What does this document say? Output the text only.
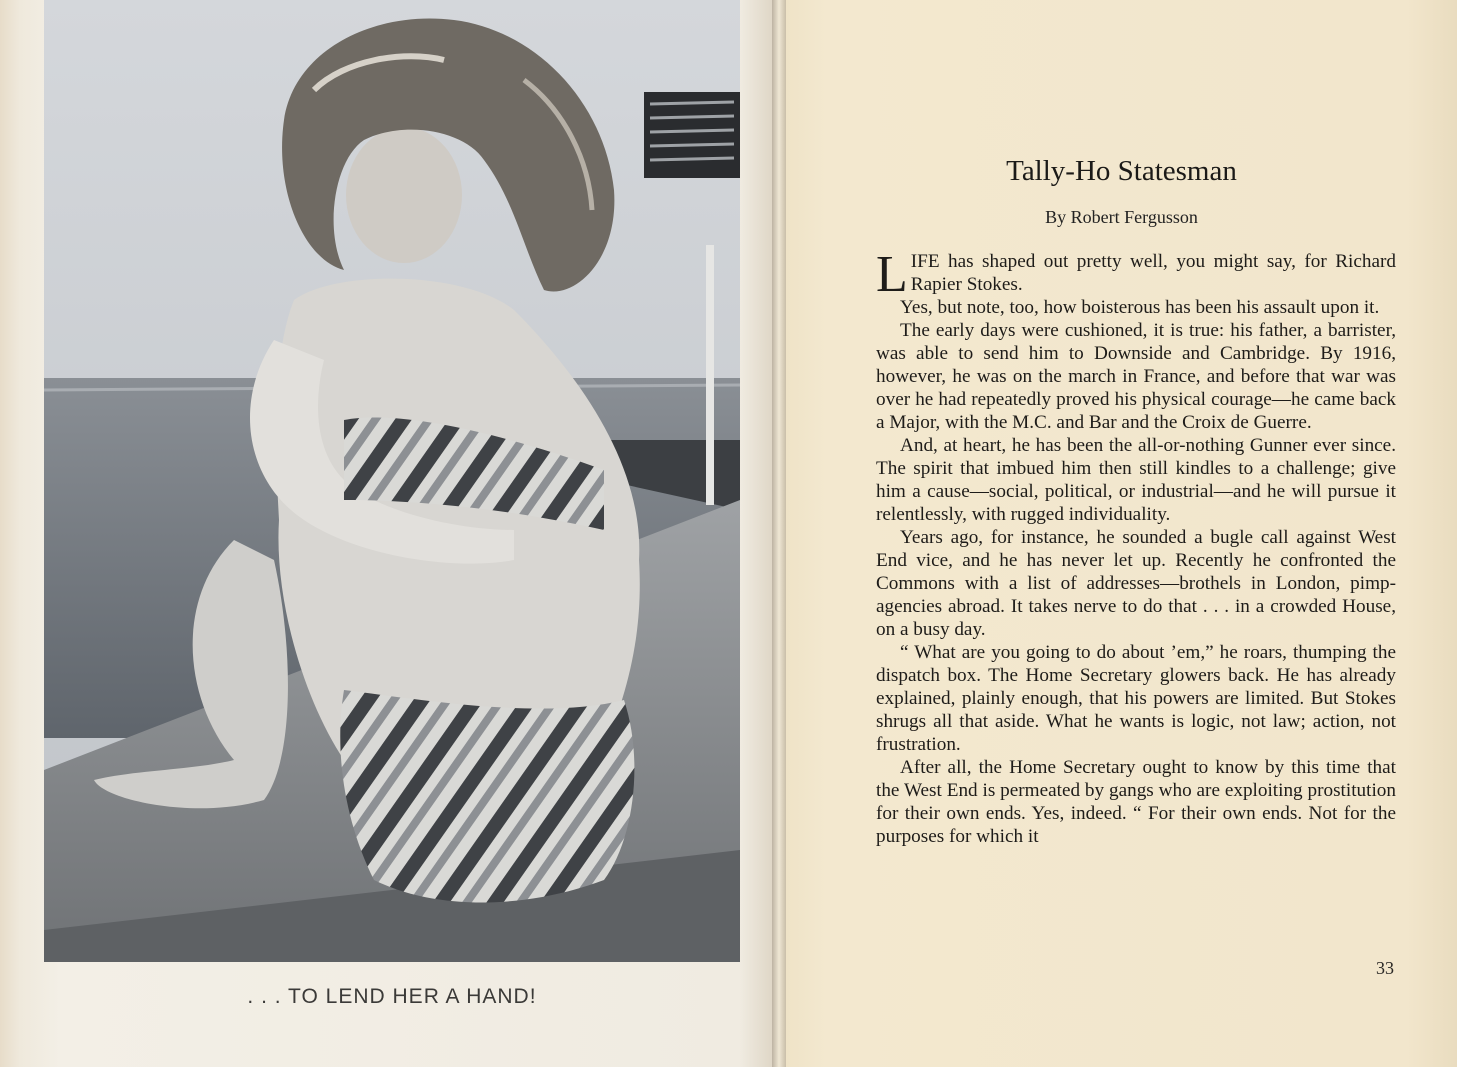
. . . TO LEND HER A HAND!
Tally-Ho Statesman
By Robert Fergusson

LIFE has shaped out pretty well, you might say, for Richard Rapier Stokes.

Yes, but note, too, how boisterous has been his assault upon it.

The early days were cushioned, it is true: his father, a barrister, was able to send him to Downside and Cambridge. By 1916, however, he was on the march in France, and before that war was over he had repeatedly proved his physical courage—he came back a Major, with the M.C. and Bar and the Croix de Guerre.

And, at heart, he has been the all-or-nothing Gunner ever since. The spirit that imbued him then still kindles to a challenge; give him a cause—social, political, or industrial—and he will pursue it relentlessly, with rugged individuality.

Years ago, for instance, he sounded a bugle call against West End vice, and he has never let up. Recently he confronted the Commons with a list of addresses—brothels in London, pimp-agencies abroad. It takes nerve to do that . . . in a crowded House, on a busy day.

“ What are you going to do about ’em,” he roars, thumping the dispatch box. The Home Secretary glowers back. He has already explained, plainly enough, that his powers are limited. But Stokes shrugs all that aside. What he wants is logic, not law; action, not frustration.

After all, the Home Secretary ought to know by this time that the West End is permeated by gangs who are exploiting prostitution for their own ends. Yes, indeed. “ For their own ends. Not for the purposes for which it

33
